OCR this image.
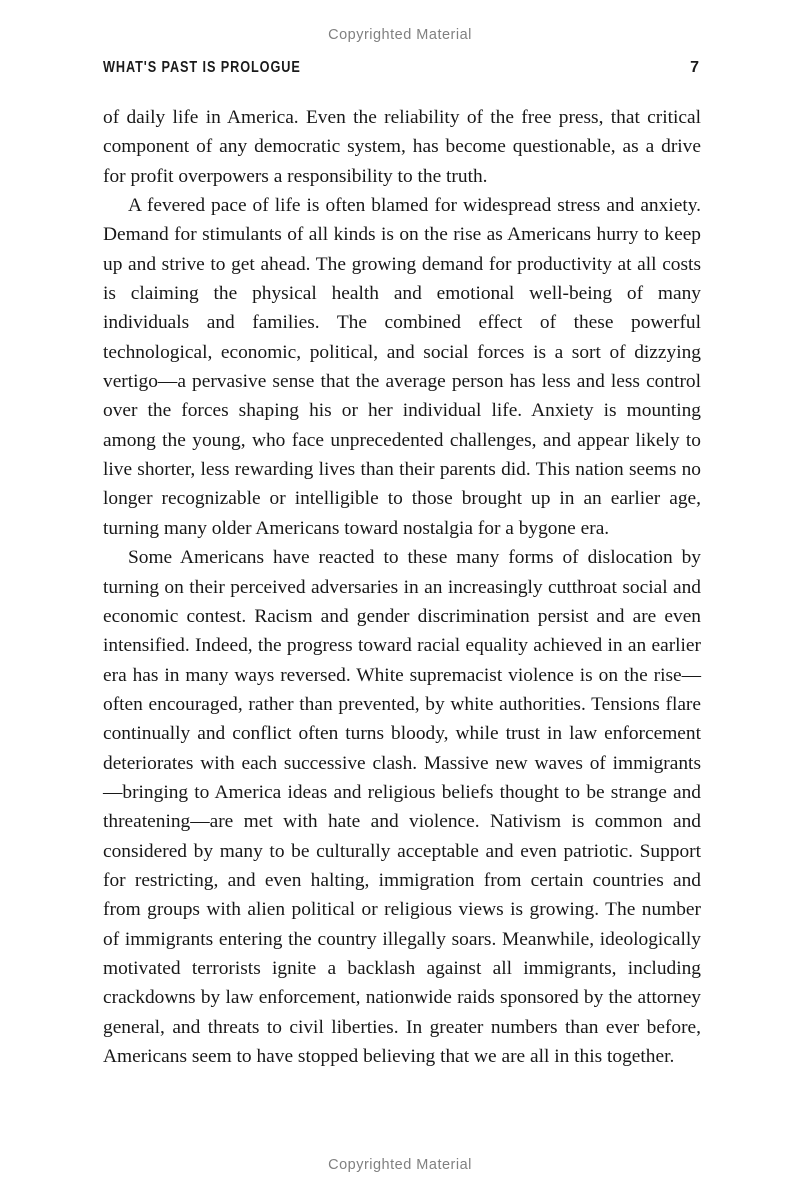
Copyrighted Material
WHAT'S PAST IS PROLOGUE	7

of daily life in America. Even the reliability of the free press, that critical component of any democratic system, has become questionable, as a drive for profit overpowers a responsibility to the truth.

A fevered pace of life is often blamed for widespread stress and anxiety. Demand for stimulants of all kinds is on the rise as Americans hurry to keep up and strive to get ahead. The growing demand for productivity at all costs is claiming the physical health and emotional well-being of many individuals and families. The combined effect of these powerful technological, economic, political, and social forces is a sort of dizzying vertigo—a pervasive sense that the average person has less and less control over the forces shaping his or her individual life. Anxiety is mounting among the young, who face unprecedented challenges, and appear likely to live shorter, less rewarding lives than their parents did. This nation seems no longer recognizable or intelligible to those brought up in an earlier age, turning many older Americans toward nostalgia for a bygone era.

Some Americans have reacted to these many forms of dislocation by turning on their perceived adversaries in an increasingly cutthroat social and economic contest. Racism and gender discrimination persist and are even intensified. Indeed, the progress toward racial equality achieved in an earlier era has in many ways reversed. White supremacist violence is on the rise—often encouraged, rather than prevented, by white authorities. Tensions flare continually and conflict often turns bloody, while trust in law enforcement deteriorates with each successive clash. Massive new waves of immigrants—bringing to America ideas and religious beliefs thought to be strange and threatening—are met with hate and violence. Nativism is common and considered by many to be culturally acceptable and even patriotic. Support for restricting, and even halting, immigration from certain countries and from groups with alien political or religious views is growing. The number of immigrants entering the country illegally soars. Meanwhile, ideologically motivated terrorists ignite a backlash against all immigrants, including crackdowns by law enforcement, nationwide raids sponsored by the attorney general, and threats to civil liberties. In greater numbers than ever before, Americans seem to have stopped believing that we are all in this together.

Copyrighted Material
